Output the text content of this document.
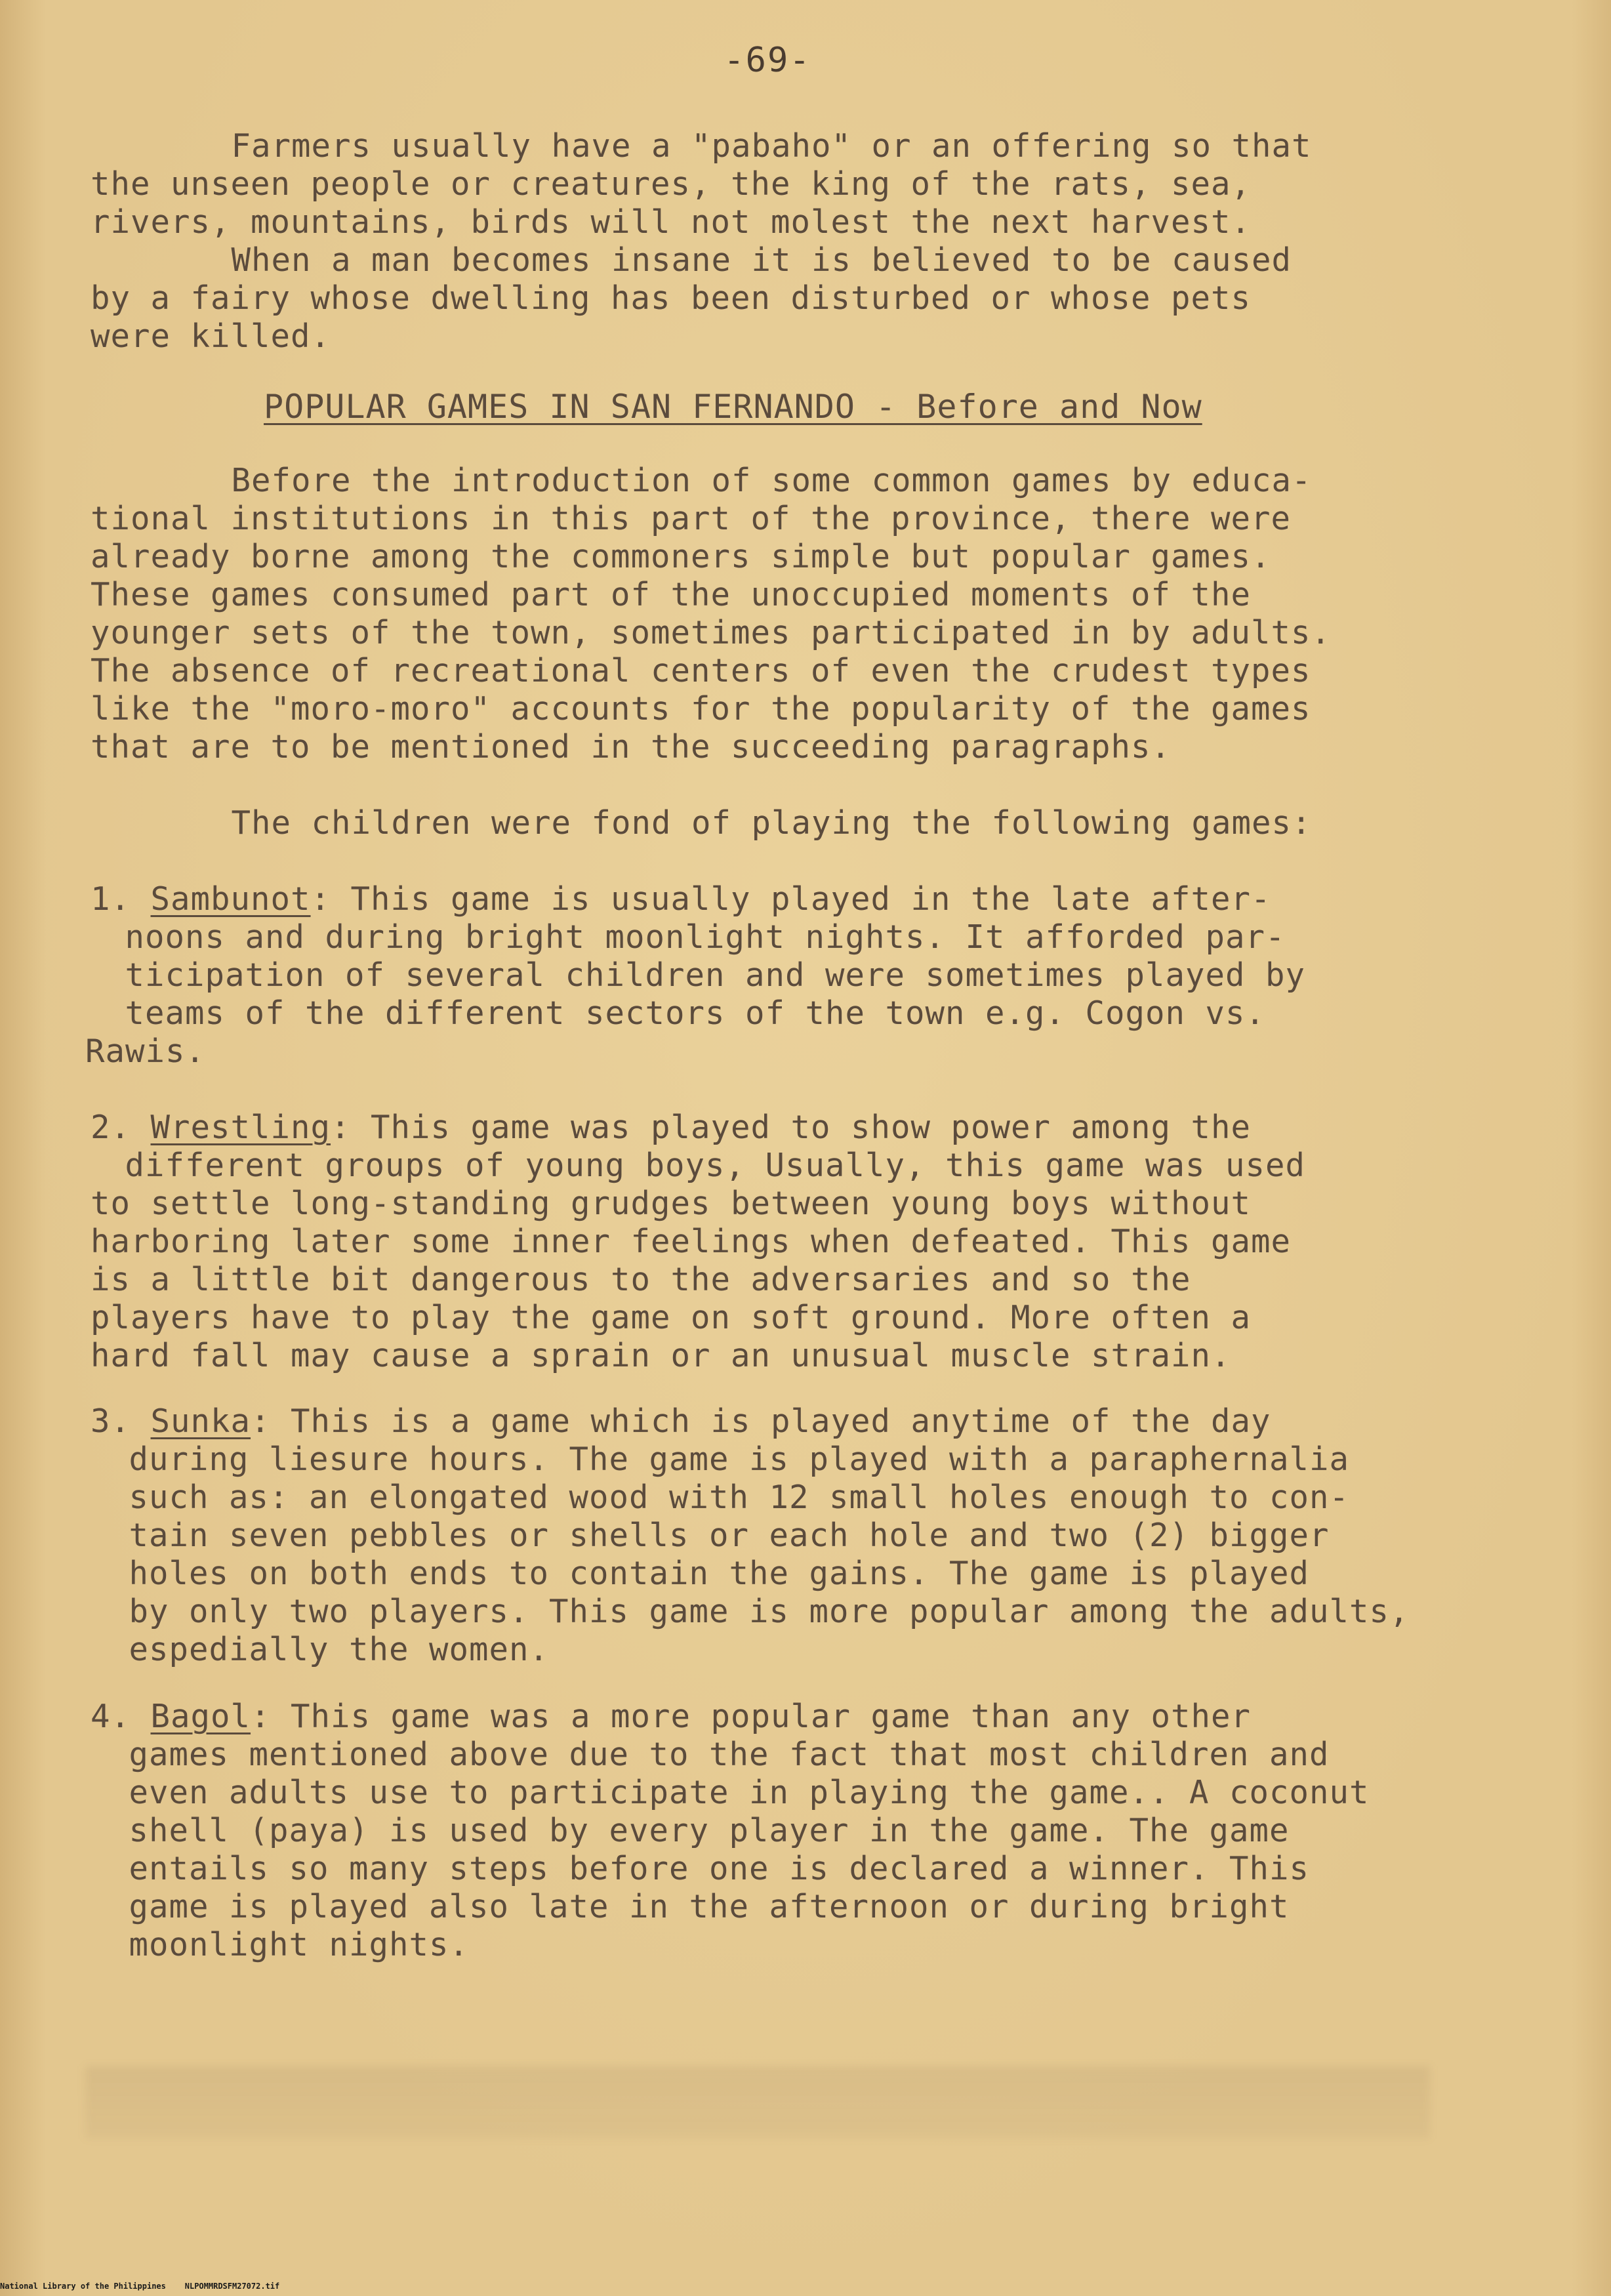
-69-
Farmers usually have a "pabaho" or an offering so that
the unseen people or creatures, the king of the rats, sea,
rivers, mountains, birds will not molest the next harvest.
When a man becomes insane it is believed to be caused
by a fairy whose dwelling has been disturbed or whose pets
were killed.
POPULAR GAMES IN SAN FERNANDO - Before and Now
Before the introduction of some common games by educa-
tional institutions in this part of the province, there were
already borne among the commoners simple but popular games.
These games consumed part of the unoccupied moments of the
younger sets of the town, sometimes participated in by adults.
The absence of recreational centers of even the crudest types
like the "moro-moro" accounts for the popularity of the games
that are to be mentioned in the succeeding paragraphs.
The children were fond of playing the following games:
1. Sambunot: This game is usually played in the late after-
noons and during bright moonlight nights. It afforded par-
ticipation of several children and were sometimes played by
teams of the different sectors of the town e.g. Cogon vs.
Rawis.
2. Wrestling: This game was played to show power among the
different groups of young boys, Usually, this game was used
to settle long-standing grudges between young boys without
harboring later some inner feelings when defeated. This game
is a little bit dangerous to the adversaries and so the
players have to play the game on soft ground. More often a
hard fall may cause a sprain or an unusual muscle strain.
3. Sunka: This is a game which is played anytime of the day
during liesure hours. The game is played with a paraphernalia
such as: an elongated wood with 12 small holes enough to con-
tain seven pebbles or shells or each hole and two (2) bigger
holes on both ends to contain the gains. The game is played
by only two players. This game is more popular among the adults,
espedially the women.
4. Bagol: This game was a more popular game than any other
games mentioned above due to the fact that most children and
even adults use to participate in playing the game.. A coconut
shell (paya) is used by every player in the game. The game
entails so many steps before one is declared a winner. This
game is played also late in the afternoon or during bright
moonlight nights.
National Library of the Philippines    NLPOMMRDSFM27072.tif
